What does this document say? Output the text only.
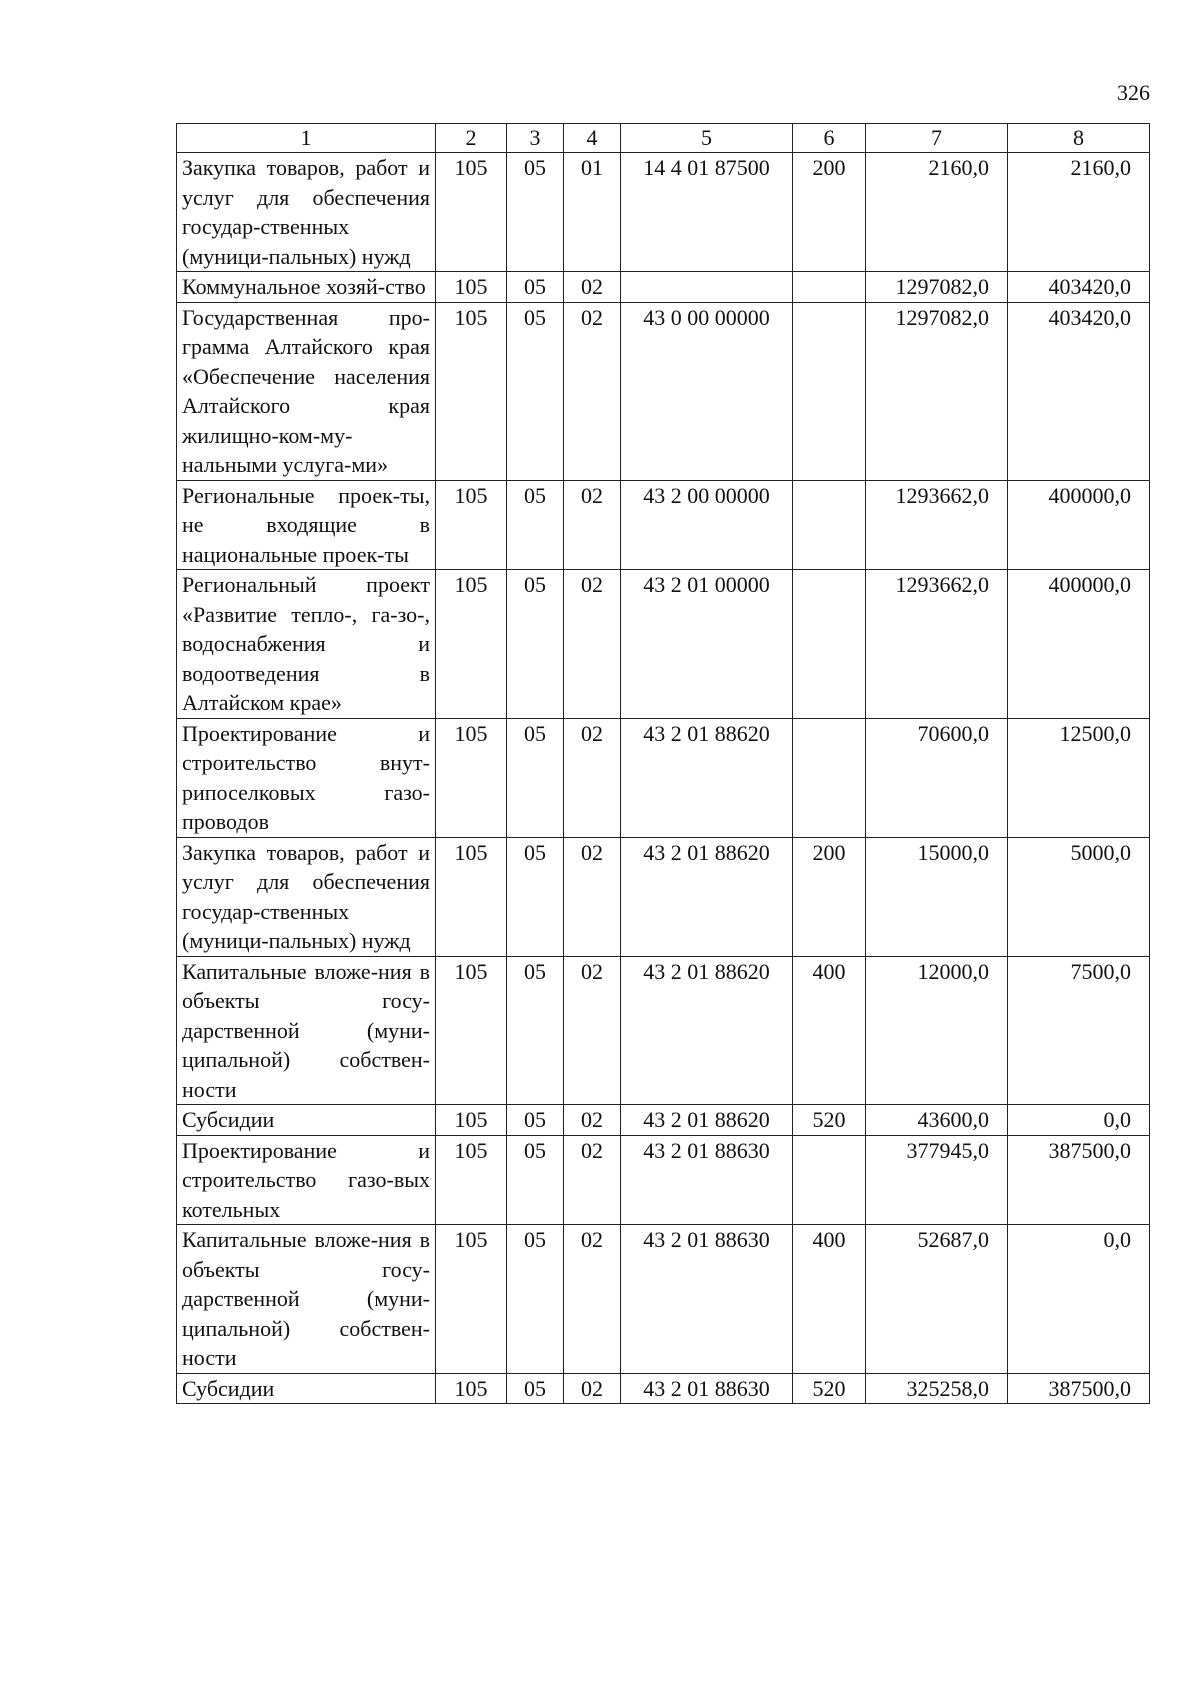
326
1	2	3	4	5	6	7	8
Закупка товаров, работ и услуг для обеспечения государ-ственных (муници-пальных) нужд	105	05	01	14 4 01 87500	200	2160,0	2160,0
Коммунальное хозяй-ство	105	05	02			1297082,0	403420,0
Государственная про-грамма Алтайского края «Обеспечение населения Алтайского края жилищно-ком-му-нальными услуга-ми»	105	05	02	43 0 00 00000		1297082,0	403420,0
Региональные проек-ты, не входящие в национальные проек-ты	105	05	02	43 2 00 00000		1293662,0	400000,0
Региональный проект «Развитие тепло-, га-зо-, водоснабжения и водоотведения в Алтайском крае»	105	05	02	43 2 01 00000		1293662,0	400000,0
Проектирование и строительство внут-рипоселковых газо-проводов	105	05	02	43 2 01 88620		70600,0	12500,0
Закупка товаров, работ и услуг для обеспечения государ-ственных (муници-пальных) нужд	105	05	02	43 2 01 88620	200	15000,0	5000,0
Капитальные вложе-ния в объекты госу-дарственной (муни-ципальной) собствен-ности	105	05	02	43 2 01 88620	400	12000,0	7500,0
Субсидии	105	05	02	43 2 01 88620	520	43600,0	0,0
Проектирование и строительство газо-вых котельных	105	05	02	43 2 01 88630		377945,0	387500,0
Капитальные вложе-ния в объекты госу-дарственной (муни-ципальной) собствен-ности	105	05	02	43 2 01 88630	400	52687,0	0,0
Субсидии	105	05	02	43 2 01 88630	520	325258,0	387500,0
